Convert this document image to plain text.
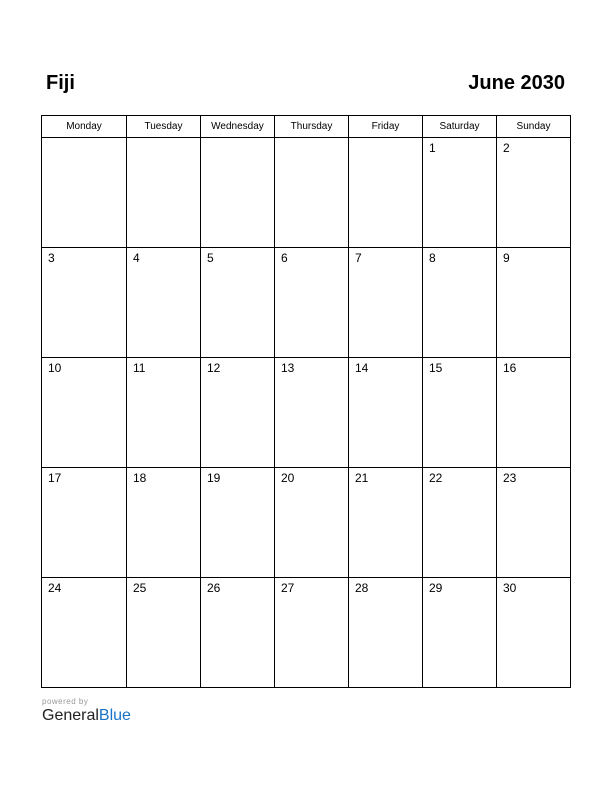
Fiji	June 2030
Monday	Tuesday	Wednesday	Thursday	Friday	Saturday	Sunday

					1	2

3	4	5	6	7	8	9

10	11	12	13	14	15	16

17	18	19	20	21	22	23

24	25	26	27	28	29	30
powered by
GeneralBlue
